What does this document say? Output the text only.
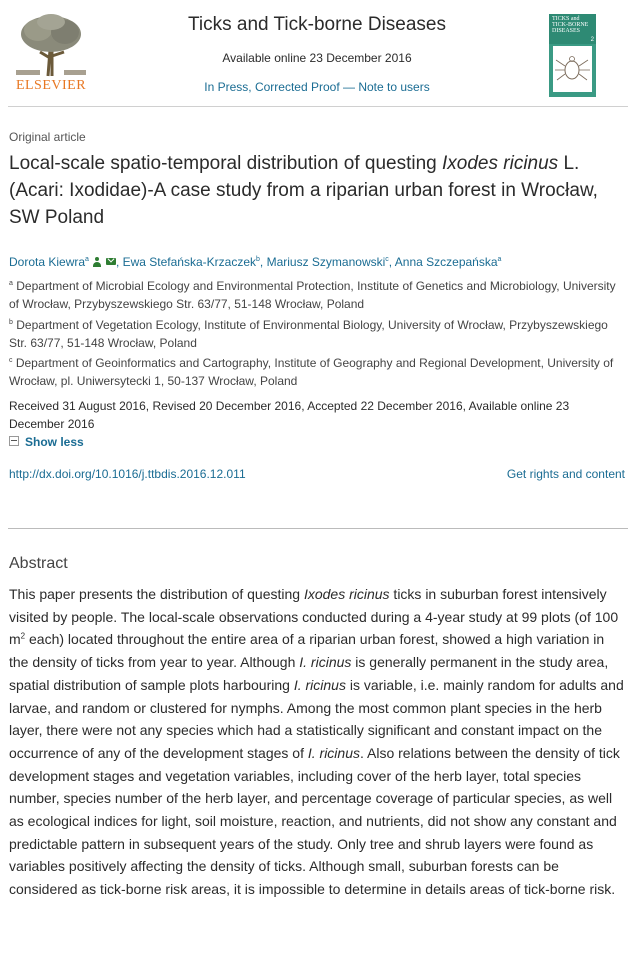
ELSEVIER
Ticks and Tick-borne Diseases
Available online 23 December 2016
In Press, Corrected Proof — Note to users
TICKS and TICK-BORNE DISEASES
2
Original article
Local-scale spatio-temporal distribution of questing Ixodes ricinus L. (Acari: Ixodidae)-A case study from a riparian urban forest in Wrocław, SW Poland
Dorota Kiewra$^a$ , Ewa Stefańska-Krzaczek$^b$, Mariusz Szymanowski$^c$, Anna Szczepańska$^a$
$^a$ Department of Microbial Ecology and Environmental Protection, Institute of Genetics and Microbiology, University of Wrocław, Przybyszewskiego Str. 63/77, 51-148 Wrocław, Poland
$^b$ Department of Vegetation Ecology, Institute of Environmental Biology, University of Wrocław, Przybyszewskiego Str. 63/77, 51-148 Wrocław, Poland
$^c$ Department of Geoinformatics and Cartography, Institute of Geography and Regional Development, University of Wrocław, pl. Uniwersytecki 1, 50-137 Wrocław, Poland
Received 31 August 2016, Revised 20 December 2016, Accepted 22 December 2016, Available online 23 December 2016
Show less
http://dx.doi.org/10.1016/j.ttbdis.2016.12.011	Get rights and content
Abstract
This paper presents the distribution of questing Ixodes ricinus ticks in suburban forest intensively visited by people. The local-scale observations conducted during a 4-year study at 99 plots (of 100 $m^2$ each) located throughout the entire area of a riparian urban forest, showed a high variation in the density of ticks from year to year. Although I. ricinus is generally permanent in the study area, spatial distribution of sample plots harbouring I. ricinus is variable, i.e. mainly random for adults and larvae, and random or clustered for nymphs. Among the most common plant species in the herb layer, there were not any species which had a statistically significant and constant impact on the occurrence of any of the development stages of I. ricinus. Also relations between the density of tick development stages and vegetation variables, including cover of the herb layer, total species number, species number of the herb layer, and percentage coverage of particular species, as well as ecological indices for light, soil moisture, reaction, and nutrients, did not show any constant and predictable pattern in subsequent years of the study. Only tree and shrub layers were found as variables positively affecting the density of ticks. Although small, suburban forests can be considered as tick-borne risk areas, it is impossible to determine in details areas of tick-borne risk.
